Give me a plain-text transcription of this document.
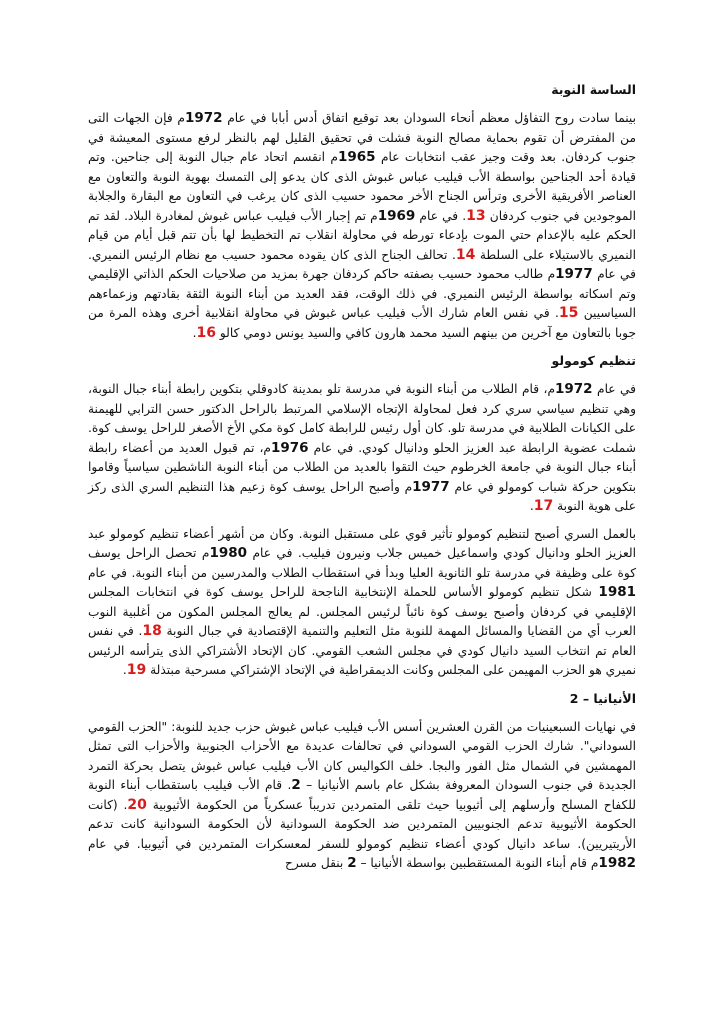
الساسة النوبة

بينما سادت روح التفاؤل معظم أنحاء السودان بعد توقيع اتفاق أدس أبابا في عام 1972م فإن الجهات التى من المفترض أن تقوم بحماية مصالح النوبة فشلت في تحقيق القليل لهم بالنظر لرفع مستوى المعيشة في جنوب كردفان. بعد وقت وجيز عقب انتخابات عام 1965م انقسم اتحاد عام جبال النوبة إلى جناحين. وتم قيادة أحد الجناحين بواسطة الأب فيليب عباس غبوش الذى كان يدعو إلى التمسك بهوية النوبة والتعاون مع العناصر الأفريقية الأخرى وترأس الجناح الأخر محمود حسيب الذى كان يرغب في التعاون مع البقارة والجلابة الموجودين في جنوب كردفان 13. في عام 1969م تم إجبار الأب فيليب عباس غبوش لمغادرة البلاد. لقد تم الحكم عليه بالإعدام حتي الموت بإدعاء تورطه في محاولة انقلاب تم التخطيط لها بأن تتم قبل أيام من قيام النميري بالاستيلاء على السلطة 14. تحالف الجناح الذى كان يقوده محمود حسيب مع نظام الرئيس النميري. في عام 1977م طالب محمود حسيب بصفته حاكم كردفان جهرة بمزيد من صلاحيات الحكم الذاتي الإقليمي وتم اسكاته بواسطة الرئيس النميري. في ذلك الوقت، فقد العديد من أبناء النوبة الثقة بقادتهم وزعماءهم السياسيين 15. في نفس العام شارك الأب فيليب عباس غبوش في محاولة انقلابية أخرى وهذه المرة من جوبا بالتعاون مع آخرين من بينهم السيد محمد هارون كافي والسيد يونس دومي كالو 16.

تنظيم كومولو

في عام 1972م، قام الطلاب من أبناء النوبة في مدرسة تلو بمدينة كادوقلي بتكوين رابطة أبناء جبال النوبة، وهي تنظيم سياسي سري كرد فعل لمحاولة الإتجاه الإسلامي المرتبط بالراحل الدكتور حسن الترابي للهيمنة على الكيانات الطلابية في مدرسة تلو. كان أول رئيس للرابطة كامل كوة مكي الأخ الأصغر للراحل يوسف كوة. شملت عضوية الرابطة عبد العزيز الحلو ودانيال كودي. في عام 1976م، تم قبول العديد من أعضاء رابطة أبناء جبال النوبة في جامعة الخرطوم حيث التقوا بالعديد من الطلاب من أبناء النوبة الناشطين سياسياً وقاموا بتكوين حركة شباب كومولو في عام 1977م وأصبح الراحل يوسف كوة زعيم هذا التنظيم السري الذى ركز على هوية النوبة 17.

بالعمل السري أصبح لتنظيم كومولو تأثير قوي على مستقبل النوبة. وكان من أشهر أعضاء تنظيم كومولو عبد العزيز الحلو ودانيال كودي واسماعيل خميس جلاب ونيرون فيليب. في عام 1980م تحصل الراحل يوسف كوة على وظيفة في مدرسة تلو الثانوية العليا وبدأ في استقطاب الطلاب والمدرسين من أبناء النوبة. في عام 1981 شكل تنظيم كومولو الأساس للحملة الإنتخابية الناجحة للراحل يوسف كوة في انتخابات المجلس الإقليمي في كردفان وأصبح يوسف كوة نائباً لرئيس المجلس. لم يعالج المجلس المكون من أغلبية النوب العرب أي من القضايا والمسائل المهمة للنوبة مثل التعليم والتنمية الإقتصادية في جبال النوبة 18. في نفس العام تم انتخاب السيد دانيال كودي في مجلس الشعب القومي. كان الإتحاد الأشتراكي الذى يترأسه الرئيس نميري هو الحزب المهيمن على المجلس وكانت الديمقراطية في الإتحاد الإشتراكي مسرحية مبتذلة 19.

الأنيانيا – 2

في نهايات السبعينيات من القرن العشرين أسس الأب فيليب عباس غبوش حزب جديد للنوبة: "الحزب القومي السوداني". شارك الحزب القومي السوداني في تحالفات عديدة مع الأحزاب الجنوبية والأحزاب التى تمثل المهمشين في الشمال مثل الفور والبجا. خلف الكواليس كان الأب فيليب عباس غبوش يتصل بحركة التمرد الجديدة في جنوب السودان المعروفة بشكل عام باسم الأنيانيا – 2. قام الأب فيليب باستقطاب أبناء النوبة للكفاح المسلح وأرسلهم إلى أثيوبيا حيث تلقى المتمردين تدريباً عسكرياً من الحكومة الأثيوبية 20. (كانت الحكومة الأثيوبية تدعم الجنوبيين المتمردين ضد الحكومة السودانية لأن الحكومة السودانية كانت تدعم الأريتيريين). ساعد دانيال كودي أعضاء تنظيم كومولو للسفر لمعسكرات المتمردين في أثيوبيا. في عام 1982م قام أبناء النوبة المستقطبين بواسطة الأنيانيا – 2 بنقل مسرح
